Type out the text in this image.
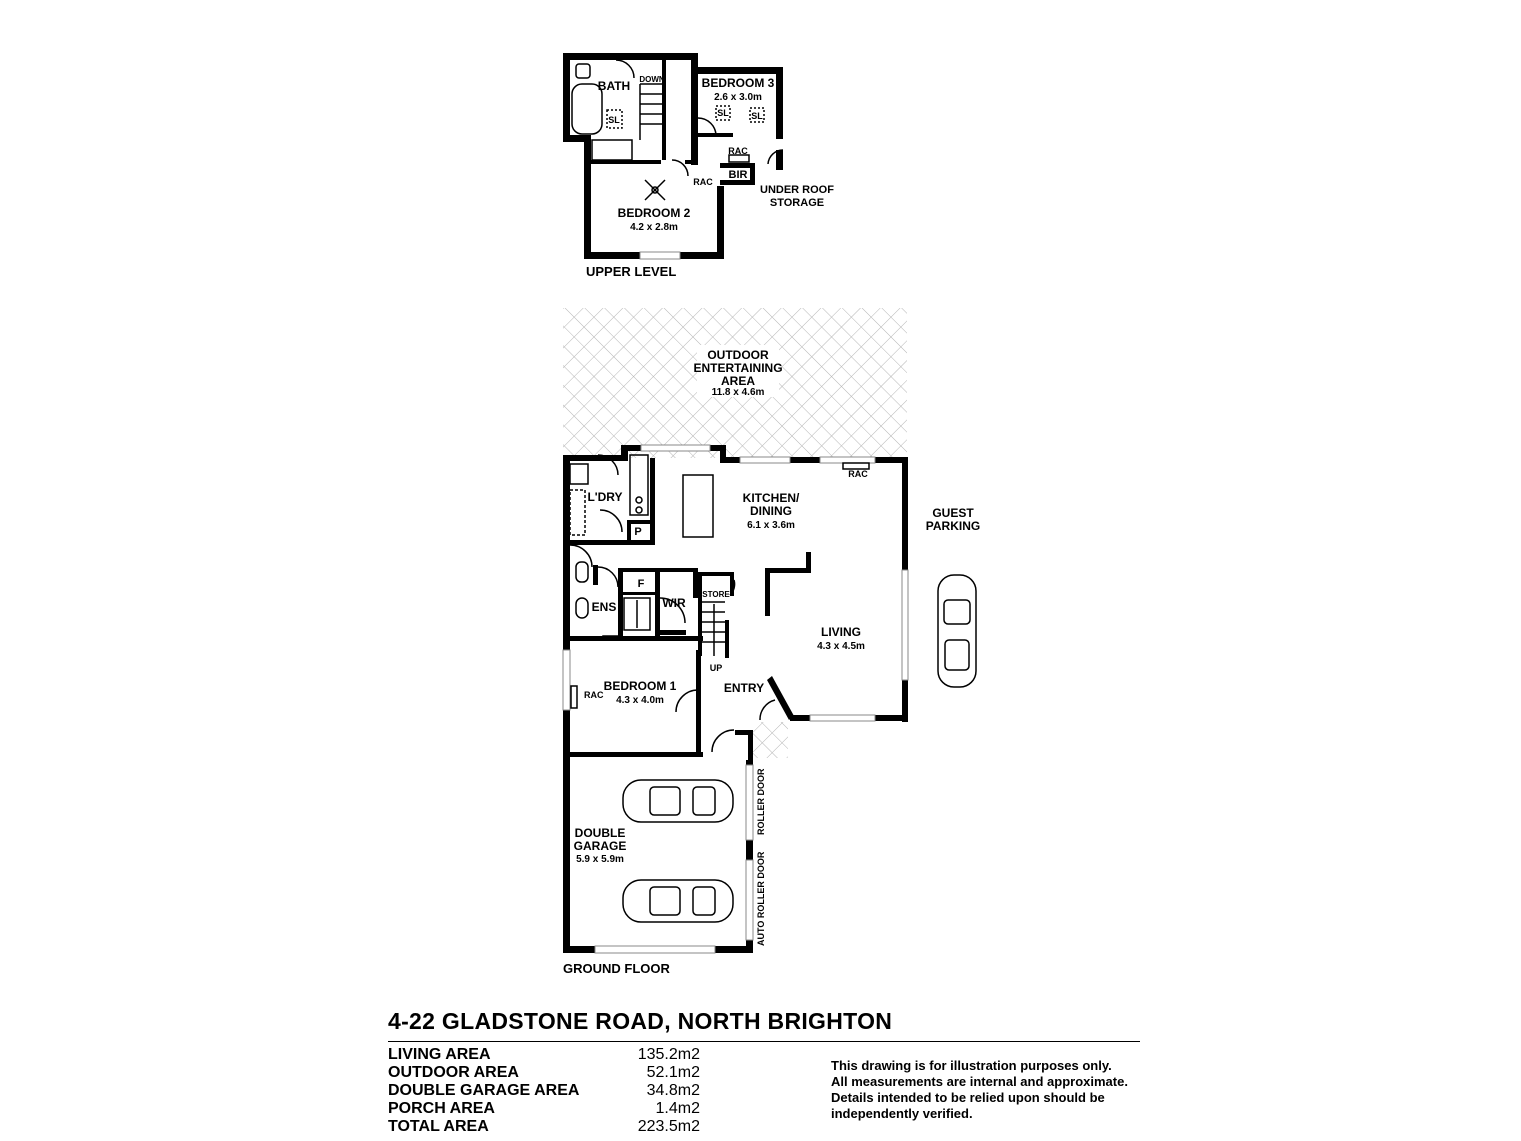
BATH DOWN
SL
BEDROOM 3
2.6 x 3.0m
SL SL
RAC
BIR
RAC
UNDER ROOF
STORAGE
BEDROOM 2
4.2 x 2.8m
UPPER LEVEL
OUTDOOR
ENTERTAINING
AREA
11.8 x 4.6m
KITCHEN/
DINING
6.1 x 3.6m
RAC
GUEST
PARKING
L'DRY
P
F
ENS	WIR
STORE
UP
LIVING
4.3 x 4.5m
BEDROOM 1
4.3 x 4.0m
RAC	ENTRY
DOUBLE
GARAGE
5.9 x 5.9m
ROLLER DOOR
AUTO ROLLER DOOR
GROUND FLOOR
4-22 GLADSTONE ROAD, NORTH BRIGHTON
LIVING AREA	135.2m2
OUTDOOR AREA	52.1m2
DOUBLE GARAGE AREA	34.8m2
PORCH AREA	1.4m2
TOTAL AREA	223.5m2
This drawing is for illustration purposes only.
All measurements are internal and approximate.
Details intended to be relied upon should be
independently verified.
